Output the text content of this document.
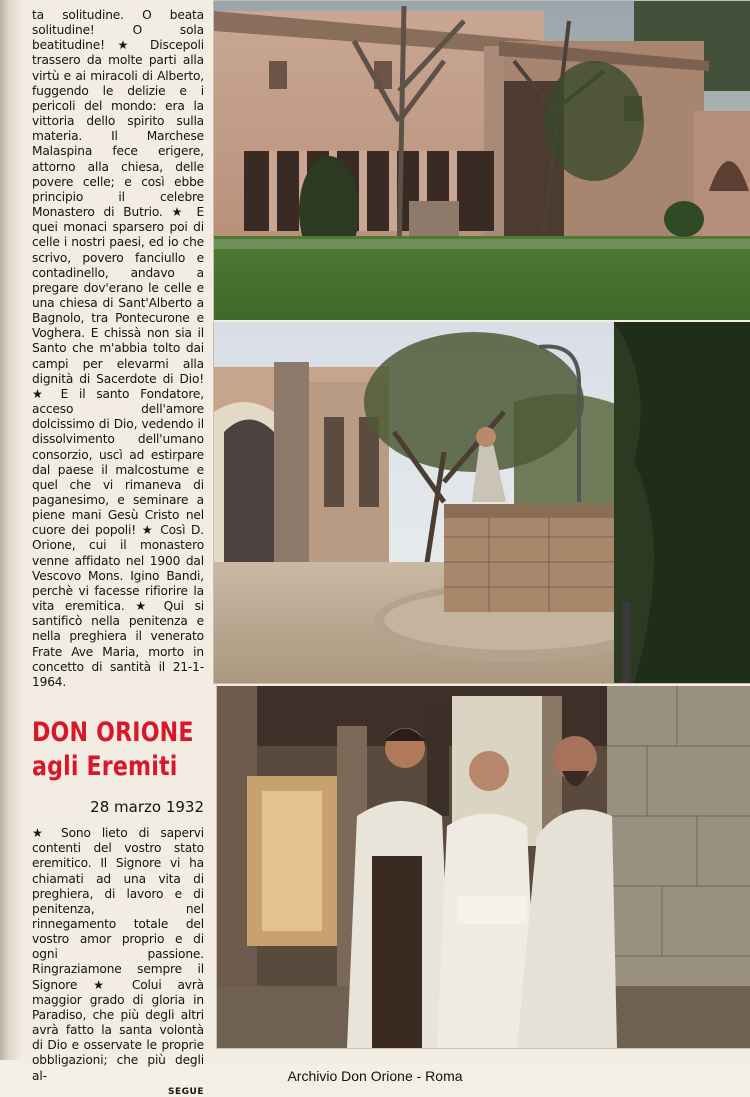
ta solitudine. O beata solitudine! O sola beatitudine! ★ Discepoli trassero da molte parti alla virtù e ai miracoli di Alberto, fuggendo le delizie e i pericoli del mondo: era la vittoria dello spirito sulla materia. Il Marchese Malaspina fece erigere, attorno alla chiesa, delle povere celle; e così ebbe principio il celebre Monastero di Butrio. ★ E quei monaci sparsero poi di celle i nostri paesi, ed io che scrivo, povero fanciullo e contadinello, andavo a pregare dov'erano le celle e una chiesa di Sant'Alberto a Bagnolo, tra Pontecurone e Voghera. E chissà non sia il Santo che m'abbia tolto dai campi per elevarmi alla dignità di Sacerdote di Dio! ★ E il santo Fondatore, acceso dell'amore dolcissimo di Dio, vedendo il dissolvimento dell'umano consorzio, uscì ad estirpare dal paese il malcostume e quel che vi rimaneva di paganesimo, e seminare a piene mani Gesù Cristo nel cuore dei popoli! ★ Così D. Orione, cui il monastero venne affidato nel 1900 dal Vescovo Mons. Igino Bandi, perchè vi facesse rifiorire la vita eremitica. ★ Qui si santificò nella penitenza e nella preghiera il venerato Frate Ave Maria, morto in concetto di santità il 21-1-1964.

DON ORIONE
agli Eremiti
28 marzo 1932

★ Sono lieto di sapervi contenti del vostro stato eremitico. Il Signore vi ha chiamati ad una vita di preghiera, di lavoro e di penitenza, nel rinnegamento totale del vostro amor proprio e di ogni passione. Ringraziamone sempre il Signore ★ Colui avrà maggior grado di gloria in Paradiso, che più degli altri avrà fatto la santa volontà di Dio e osservate le proprie obbligazioni; che più degli al-

SEGUE
Archivio Don Orione - Roma
